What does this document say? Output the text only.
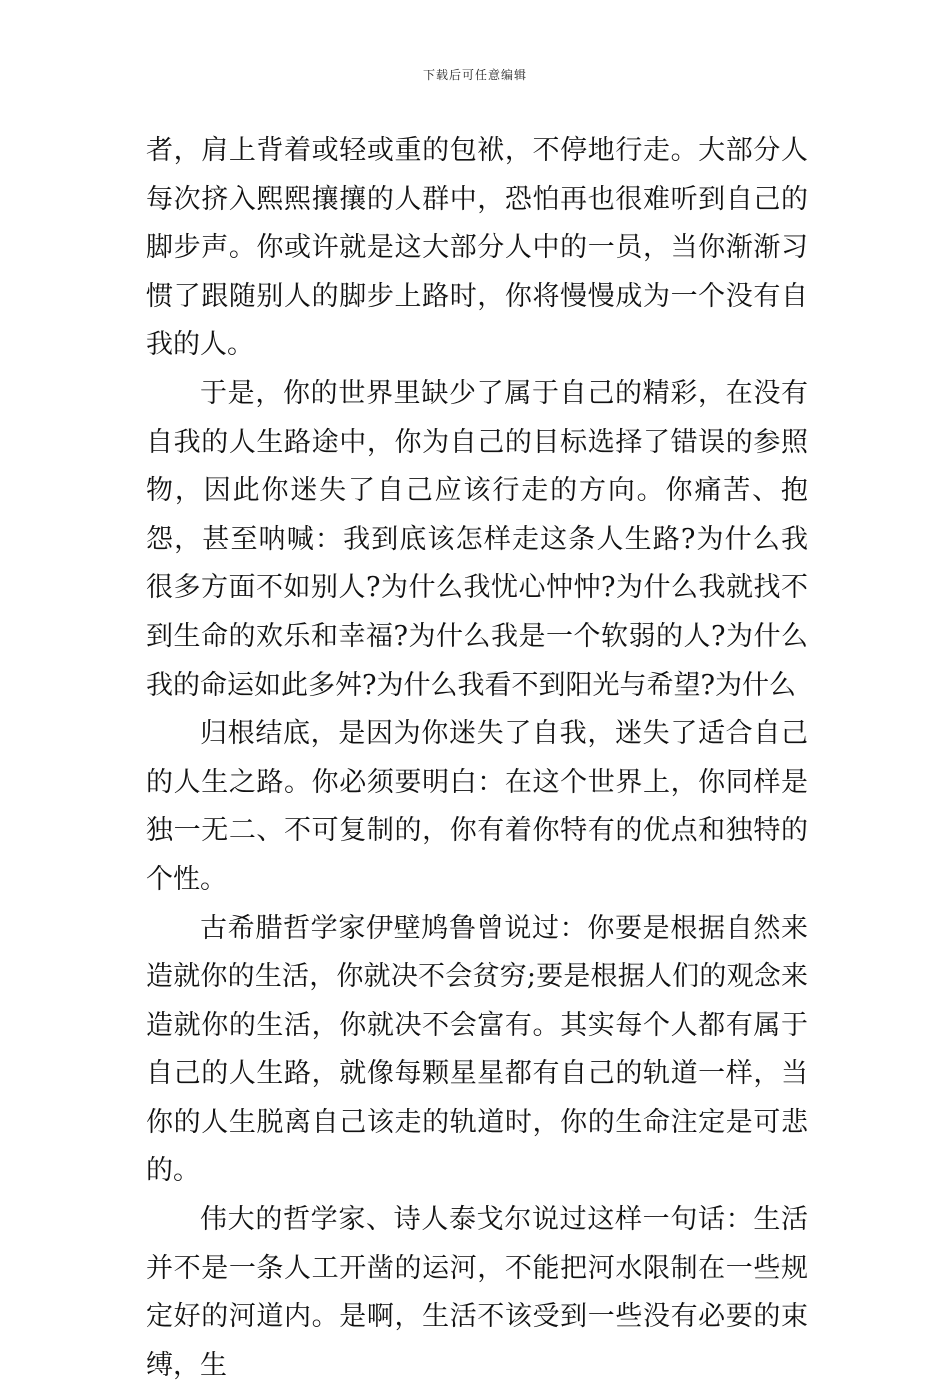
下载后可任意编辑

者，肩上背着或轻或重的包袱，不停地行走。大部分人每次挤入熙熙攘攘的人群中，恐怕再也很难听到自己的脚步声。你或许就是这大部分人中的一员，当你渐渐习惯了跟随别人的脚步上路时，你将慢慢成为一个没有自我的人。

于是，你的世界里缺少了属于自己的精彩，在没有自我的人生路途中，你为自己的目标选择了错误的参照物，因此你迷失了自己应该行走的方向。你痛苦、抱怨，甚至呐喊：我到底该怎样走这条人生路?为什么我很多方面不如别人?为什么我忧心忡忡?为什么我就找不到生命的欢乐和幸福?为什么我是一个软弱的人?为什么我的命运如此多舛?为什么我看不到阳光与希望?为什么

归根结底，是因为你迷失了自我，迷失了适合自己的人生之路。你必须要明白：在这个世界上，你同样是独一无二、不可复制的，你有着你特有的优点和独特的个性。

古希腊哲学家伊壁鸠鲁曾说过：你要是根据自然来造就你的生活，你就决不会贫穷;要是根据人们的观念来造就你的生活，你就决不会富有。其实每个人都有属于自己的人生路，就像每颗星星都有自己的轨道一样，当你的人生脱离自己该走的轨道时，你的生命注定是可悲的。

伟大的哲学家、诗人泰戈尔说过这样一句话：生活并不是一条人工开凿的运河，不能把河水限制在一些规定好的河道内。是啊，生活不该受到一些没有必要的束缚，生
